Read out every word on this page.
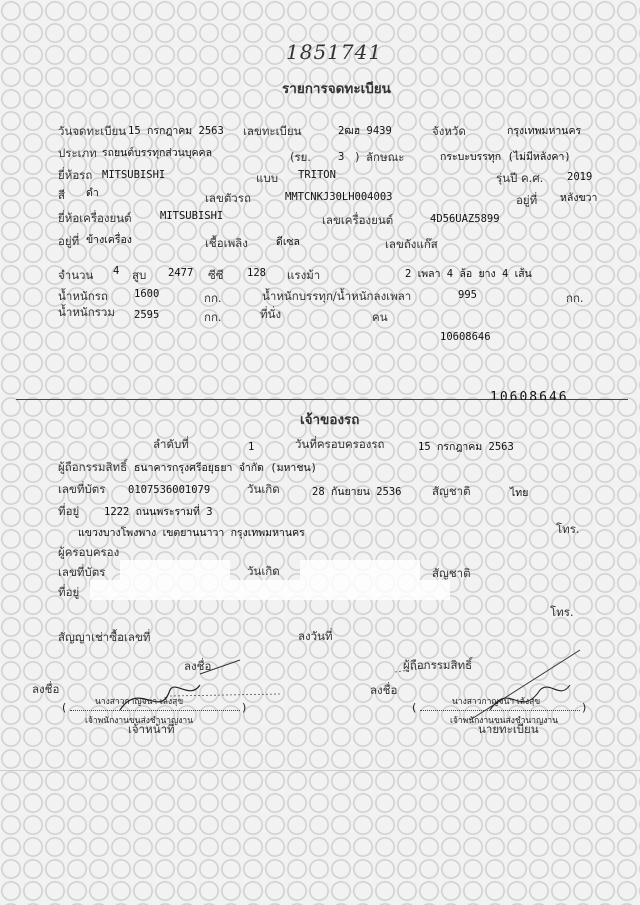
1851741
รายการจดทะเบียน
วันจดทะเบียน 15 กรกฎาคม 2563 เลขทะเบียน	2ฒฮ 9439	จังหวัด	กรุงเทพมหานคร
ประเภท รถยนต์บรรทุกส่วนบุคคล	(รย.	3 ) ลักษณะ	กระบะบรรทุก (ไม่มีหลังคา)
ยี่ห้อรถ MITSUBISHI	แบบ TRITON	รุ่นปี ค.ศ. 2019
สี ดำ	เลขตัวรถ	MMTCNKJ30LH004003	อยู่ที่ หลังขวา
ยี่ห้อเครื่องยนต์	MITSUBISHI	เลขเครื่องยนต์	4D56UAZ5899
อยู่ที่ ข้างเครื่อง	เชื้อเพลิง	ดีเซล	เลขถังแก๊ส
จำนวน 4 สูบ 2477 ซีซี 128 แรงม้า	2 เพลา 4 ล้อ ยาง 4 เส้น
น้ำหนักรถ 1600	กก.	น้ำหนักบรรทุก/น้ำหนักลงเพลา	995	กก.
น้ำหนักรวม 2595	กก.	ที่นั่ง	คน
10608646
10608646
เจ้าของรถ
ลำดับที่	1	วันที่ครอบครองรถ	15 กรกฎาคม 2563
ผู้ถือกรรมสิทธิ์ ธนาคารกรุงศรีอยุธยา จำกัด (มหาชน)
เลขที่บัตร 0107536001079	วันเกิด	28 กันยายน 2536	สัญชาติ	ไทย
ที่อยู่ 1222 ถนนพระรามที่ 3
แขวงบางโพงพาง เขตยานนาวา กรุงเทพมหานคร	โทร.
ผู้ครอบครอง
เลขที่บัตร	วันเกิด	สัญชาติ
ที่อยู่
โทร.
สัญญาเช่าซื้อเลขที่	ลงวันที่
ลงชื่อ	ผู้ถือกรรมสิทธิ์
ลงชื่อ	ลงชื่อ
นางสาวกาญจนา เล้งสุข
(	)
เจ้าพนักงานขนส่งชำนาญงาน
เจ้าหน้าที่
นางสาวกาญจนา เล้งสุข
(	)
เจ้าพนักงานขนส่งชำนาญงาน
นายทะเบียน
